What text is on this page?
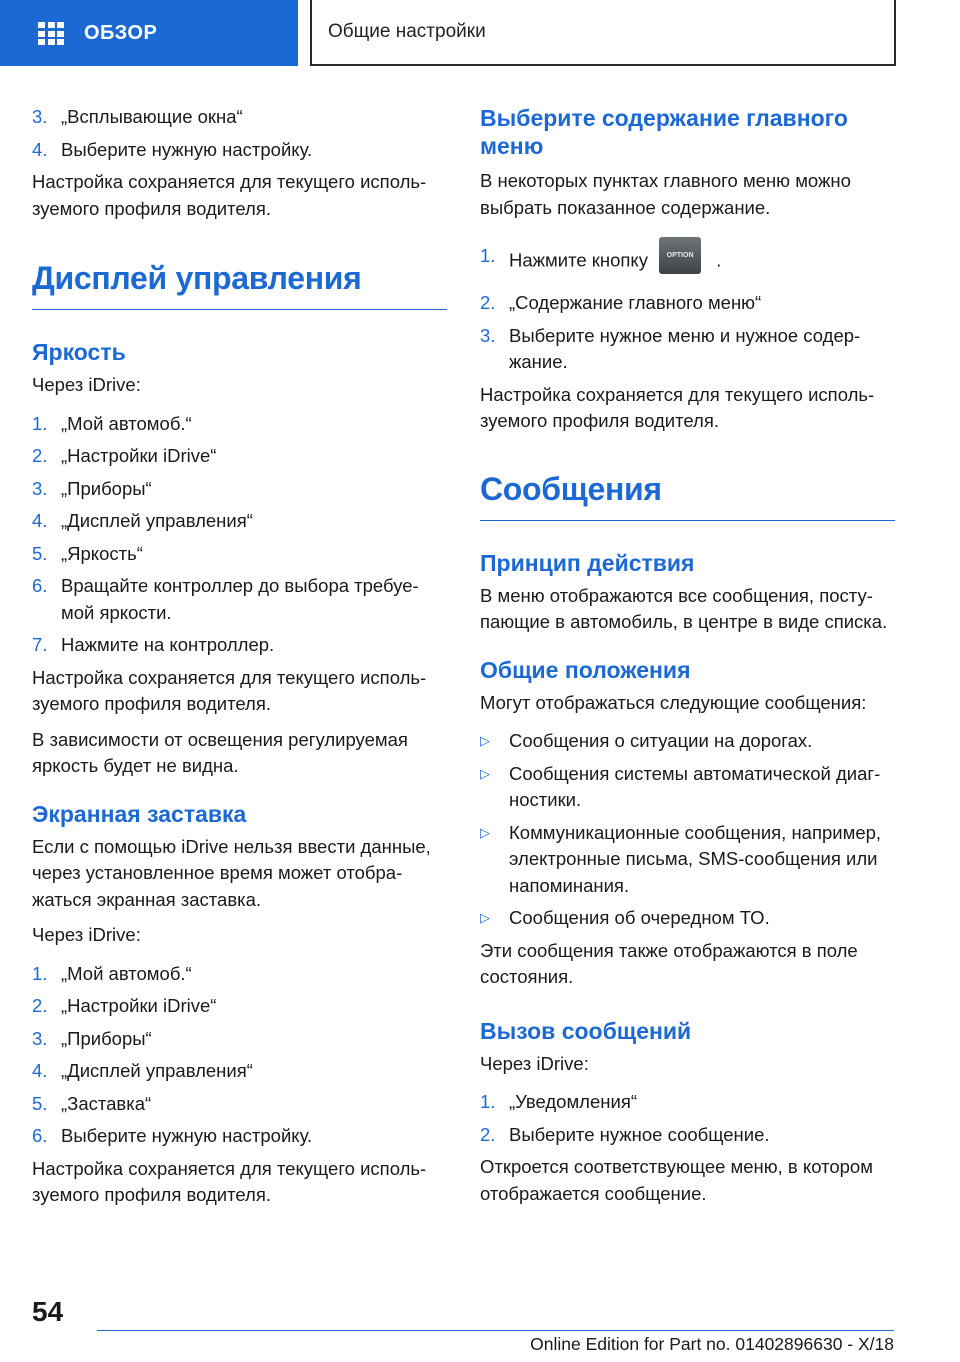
ОБЗОР	Общие настройки
3. „Всплывающие окна“
4. Выберите нужную настройку.

Настройка сохраняется для текущего исполь-зуемого профиля водителя.

Дисплей управления
Яркость

Через iDrive:

1. „Мой автомоб.“
2. „Настройки iDrive“
3. „Приборы“
4. „Дисплей управления“
5. „Яркость“
6. Вращайте контроллер до выбора требуе-мой яркости.
7. Нажмите на контроллер.

Настройка сохраняется для текущего исполь-зуемого профиля водителя.

В зависимости от освещения регулируемая яркость будет не видна.

Экранная заставка

Если с помощью iDrive нельзя ввести данные, через установленное время может отобра-жаться экранная заставка.

Через iDrive:

1. „Мой автомоб.“
2. „Настройки iDrive“
3. „Приборы“
4. „Дисплей управления“
5. „Заставка“
6. Выберите нужную настройку.

Настройка сохраняется для текущего исполь-зуемого профиля водителя.

Выберите содержание главного меню

В некоторых пунктах главного меню можно выбрать показанное содержание.

1. Нажмите кнопку	OPTION .
2. „Содержание главного меню“
3. Выберите нужное меню и нужное содер-жание.

Настройка сохраняется для текущего исполь-зуемого профиля водителя.

Сообщения
Принцип действия

В меню отображаются все сообщения, посту-пающие в автомобиль, в центре в виде списка.

Общие положения

Могут отображаться следующие сообщения:

▷	Сообщения о ситуации на дорогах.
▷	Сообщения системы автоматической диаг-ностики.
▷	Коммуникационные сообщения, например, электронные письма, SMS-сообщения или напоминания.
▷	Сообщения об очередном ТО.

Эти сообщения также отображаются в поле состояния.

Вызов сообщений

Через iDrive:

1. „Уведомления“
2. Выберите нужное сообщение.

Откроется соответствующее меню, в котором отображается сообщение.

54
Online Edition for Part no. 01402896630 - X/18
